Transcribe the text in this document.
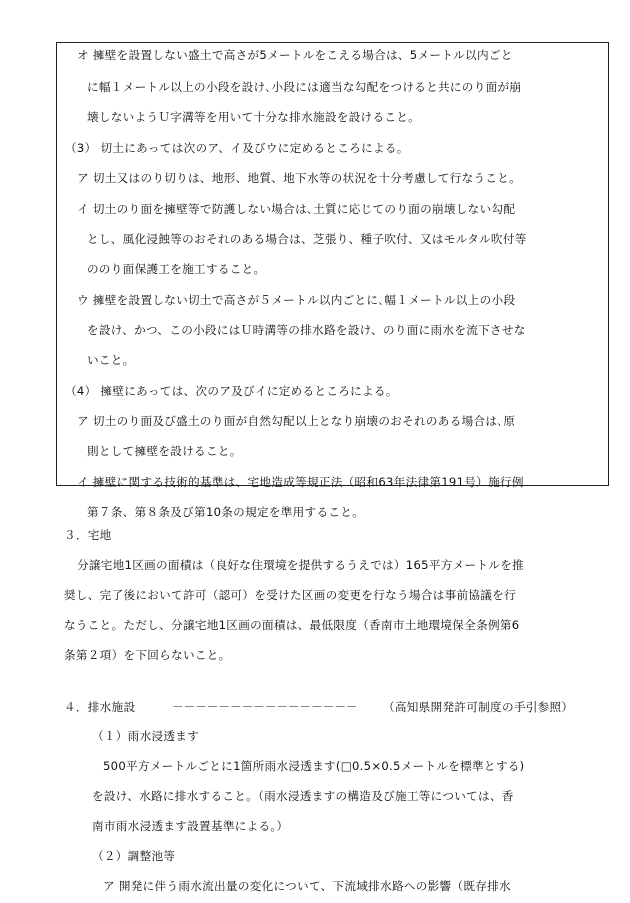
オ 擁壁を設置しない盛土で高さが5メートルをこえる場合は、5メートル以内ごと
に幅１メートル以上の小段を設け､小段には適当な勾配をつけると共にのり面が崩
壊しないようＵ字溝等を用いて十分な排水施設を設けること。
（3） 切土にあっては次のア、イ及びウに定めるところによる。
ア 切土又はのり切りは、地形、地質、地下水等の状況を十分考慮して行なうこと。
イ 切土のり面を擁壁等で防護しない場合は､土質に応じてのり面の崩壊しない勾配
とし、風化浸蝕等のおそれのある場合は、芝張り、種子吹付、又はモルタル吹付等
ののり面保護工を施工すること。
ウ 擁壁を設置しない切土で高さが５メートル以内ごとに､幅１メートル以上の小段
を設け、かつ、この小段にはＵ時溝等の排水路を設け、のり面に雨水を流下させな
いこと。
（4） 擁壁にあっては、次のア及びイに定めるところによる。
ア 切土のり面及び盛土のり面が自然勾配以上となり崩壊のおそれのある場合は､原
則として擁壁を設けること。
イ 擁壁に関する技術的基準は、宅地造成等規正法（昭和63年法律第191号）施行例
第７条、第８条及び第10条の規定を準用すること。
３．宅地
分譲宅地1区画の面積は（良好な住環境を提供するうえでは）165平方メートルを推
奨し、完了後において許可（認可）を受けた区画の変更を行なう場合は事前協議を行
なうこと。ただし、分譲宅地1区画の面積は、最低限度（香南市土地環境保全条例第6
条第２項）を下回らないこと。
４．排水施設	－－－－－－－－－－－－－－－－ （高知県開発許可制度の手引参照）
（１）雨水浸透ます
500平方メートルごとに1箇所雨水浸透ます(□0.5×0.5メートルを標準とする)
を設け、水路に排水すること。（雨水浸透ますの構造及び施工等については、香
南市雨水浸透ます設置基準による。）
（２）調整池等
ア 開発に伴う雨水流出量の変化について、下流域排水路への影響（既存排水
